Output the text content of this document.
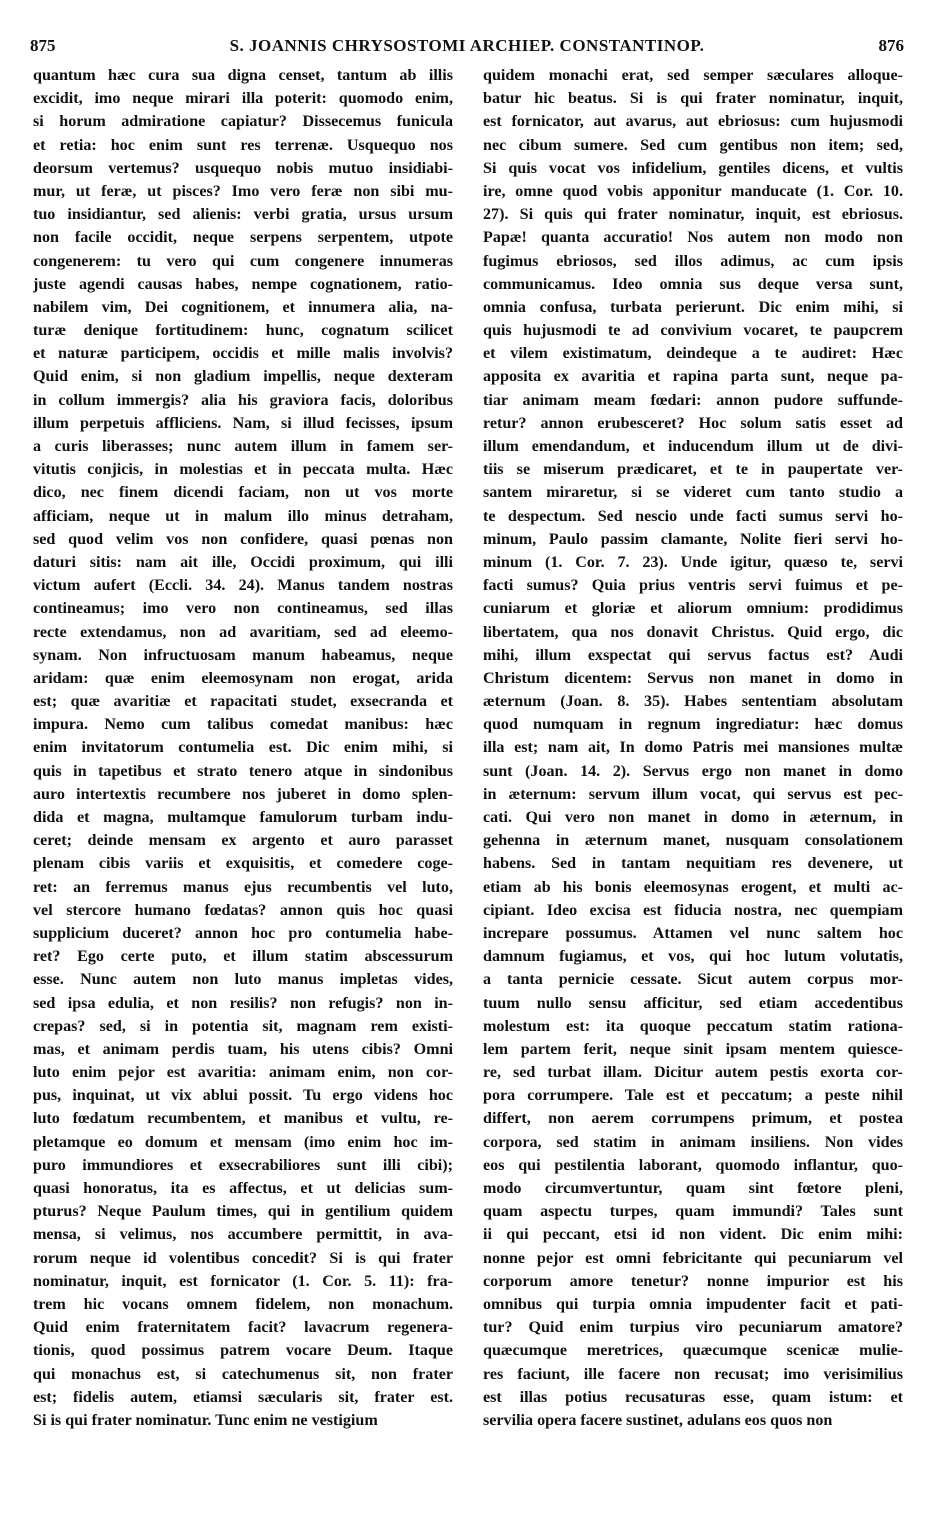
875	S. JOANNIS CHRYSOSTOMI ARCHIEP. CONSTANTINOP.	876
quantum hæc cura sua digna censet, tantum ab illis
excidit, imo neque mirari illa poterit: quomodo enim,
si horum admiratione capiatur? Dissecemus funicula
et retia: hoc enim sunt res terrenæ. Usquequo nos
deorsum vertemus? usquequo nobis mutuo insidiabi-
mur, ut feræ, ut pisces? Imo vero feræ non sibi mu-
tuo insidiantur, sed alienis: verbi gratia, ursus ursum
non facile occidit, neque serpens serpentem, utpote
congenerem: tu vero qui cum congenere innumeras
juste agendi causas habes, nempe cognationem, ratio-
nabilem vim, Dei cognitionem, et innumera alia, na-
turæ denique fortitudinem: hunc, cognatum scilicet
et naturæ participem, occidis et mille malis involvis?
Quid enim, si non gladium impellis, neque dexteram
in collum immergis? alia his graviora facis, doloribus
illum perpetuis affliciens. Nam, si illud fecisses, ipsum
a curis liberasses; nunc autem illum in famem ser-
vitutis conjicis, in molestias et in peccata multa. Hæc
dico, nec finem dicendi faciam, non ut vos morte
afficiam, neque ut in malum illo minus detraham,
sed quod velim vos non confidere, quasi pœnas non
daturi sitis: nam ait ille, Occidi proximum, qui illi
victum aufert (Eccli. 34. 24). Manus tandem nostras
contineamus; imo vero non contineamus, sed illas
recte extendamus, non ad avaritiam, sed ad eleemo-
synam. Non infructuosam manum habeamus, neque
aridam: quæ enim eleemosynam non erogat, arida
est; quæ avaritiæ et rapacitati studet, exsecranda et
impura. Nemo cum talibus comedat manibus: hæc
enim invitatorum contumelia est. Dic enim mihi, si
quis in tapetibus et strato tenero atque in sindonibus
auro intertextis recumbere nos juberet in domo splen-
dida et magna, multamque famulorum turbam indu-
ceret; deinde mensam ex argento et auro parasset
plenam cibis variis et exquisitis, et comedere coge-
ret: an ferremus manus ejus recumbentis vel luto,
vel stercore humano fœdatas? annon quis hoc quasi
supplicium duceret? annon hoc pro contumelia habe-
ret? Ego certe puto, et illum statim abscessurum
esse. Nunc autem non luto manus impletas vides,
sed ipsa edulia, et non resilis? non refugis? non in-
crepas? sed, si in potentia sit, magnam rem existi-
mas, et animam perdis tuam, his utens cibis? Omni
luto enim pejor est avaritia: animam enim, non cor-
pus, inquinat, ut vix ablui possit. Tu ergo videns hoc
luto fœdatum recumbentem, et manibus et vultu, re-
pletamque eo domum et mensam (imo enim hoc im-
puro immundiores et exsecrabiliores sunt illi cibi);
quasi honoratus, ita es affectus, et ut delicias sum-
pturus? Neque Paulum times, qui in gentilium quidem
mensa, si velimus, nos accumbere permittit, in ava-
rorum neque id volentibus concedit? Si is qui frater
nominatur, inquit, est fornicator (1. Cor. 5. 11): fra-
trem hic vocans omnem fidelem, non monachum.
Quid enim fraternitatem facit? lavacrum regenera-
tionis, quod possimus patrem vocare Deum. Itaque
qui monachus est, si catechumenus sit, non frater
est; fidelis autem, etiamsi sæcularis sit, frater est.
Si is qui frater nominatur. Tunc enim ne vestigium
quidem monachi erat, sed semper sæculares alloque-
batur hic beatus. Si is qui frater nominatur, inquit,
est fornicator, aut avarus, aut ebriosus: cum hujusmodi
nec cibum sumere. Sed cum gentibus non item; sed,
Si quis vocat vos infidelium, gentiles dicens, et vultis
ire, omne quod vobis apponitur manducate (1. Cor. 10.
27). Si quis qui frater nominatur, inquit, est ebriosus.
Papæ! quanta accuratio! Nos autem non modo non
fugimus ebriosos, sed illos adimus, ac cum ipsis
communicamus. Ideo omnia sus deque versa sunt,
omnia confusa, turbata perierunt. Dic enim mihi, si
quis hujusmodi te ad convivium vocaret, te paupcrem
et vilem existimatum, deindeque a te audiret: Hæc
apposita ex avaritia et rapina parta sunt, neque pa-
tiar animam meam fœdari: annon pudore suffunde-
retur? annon erubesceret? Hoc solum satis esset ad
illum emendandum, et inducendum illum ut de divi-
tiis se miserum prædicaret, et te in paupertate ver-
santem miraretur, si se videret cum tanto studio a
te despectum. Sed nescio unde facti sumus servi ho-
minum, Paulo passim clamante, Nolite fieri servi ho-
minum (1. Cor. 7. 23). Unde igitur, quæso te, servi
facti sumus? Quia prius ventris servi fuimus et pe-
cuniarum et gloriæ et aliorum omnium: prodidimus
libertatem, qua nos donavit Christus. Quid ergo, dic
mihi, illum exspectat qui servus factus est? Audi
Christum dicentem: Servus non manet in domo in
æternum (Joan. 8. 35). Habes sententiam absolutam
quod numquam in regnum ingrediatur: hæc domus
illa est; nam ait, In domo Patris mei mansiones multæ
sunt (Joan. 14. 2). Servus ergo non manet in domo
in æternum: servum illum vocat, qui servus est pec-
cati. Qui vero non manet in domo in æternum, in
gehenna in æternum manet, nusquam consolationem
habens. Sed in tantam nequitiam res devenere, ut
etiam ab his bonis eleemosynas erogent, et multi ac-
cipiant. Ideo excisa est fiducia nostra, nec quempiam
increpare possumus. Attamen vel nunc saltem hoc
damnum fugiamus, et vos, qui hoc lutum volutatis,
a tanta pernicie cessate. Sicut autem corpus mor-
tuum nullo sensu afficitur, sed etiam accedentibus
molestum est: ita quoque peccatum statim rationa-
lem partem ferit, neque sinit ipsam mentem quiesce-
re, sed turbat illam. Dicitur autem pestis exorta cor-
pora corrumpere. Tale est et peccatum; a peste nihil
differt, non aerem corrumpens primum, et postea
corpora, sed statim in animam insiliens. Non vides
eos qui pestilentia laborant, quomodo inflantur, quo-
modo circumvertuntur, quam sint fœtore pleni,
quam aspectu turpes, quam immundi? Tales sunt
ii qui peccant, etsi id non vident. Dic enim mihi:
nonne pejor est omni febricitante qui pecuniarum vel
corporum amore tenetur? nonne impurior est his
omnibus qui turpia omnia impudenter facit et pati-
tur? Quid enim turpius viro pecuniarum amatore?
quæcumque meretrices, quæcumque scenicæ mulie-
res faciunt, ille facere non recusat; imo verisimilius
est illas potius recusaturas esse, quam istum: et
servilia opera facere sustinet, adulans eos quos non
